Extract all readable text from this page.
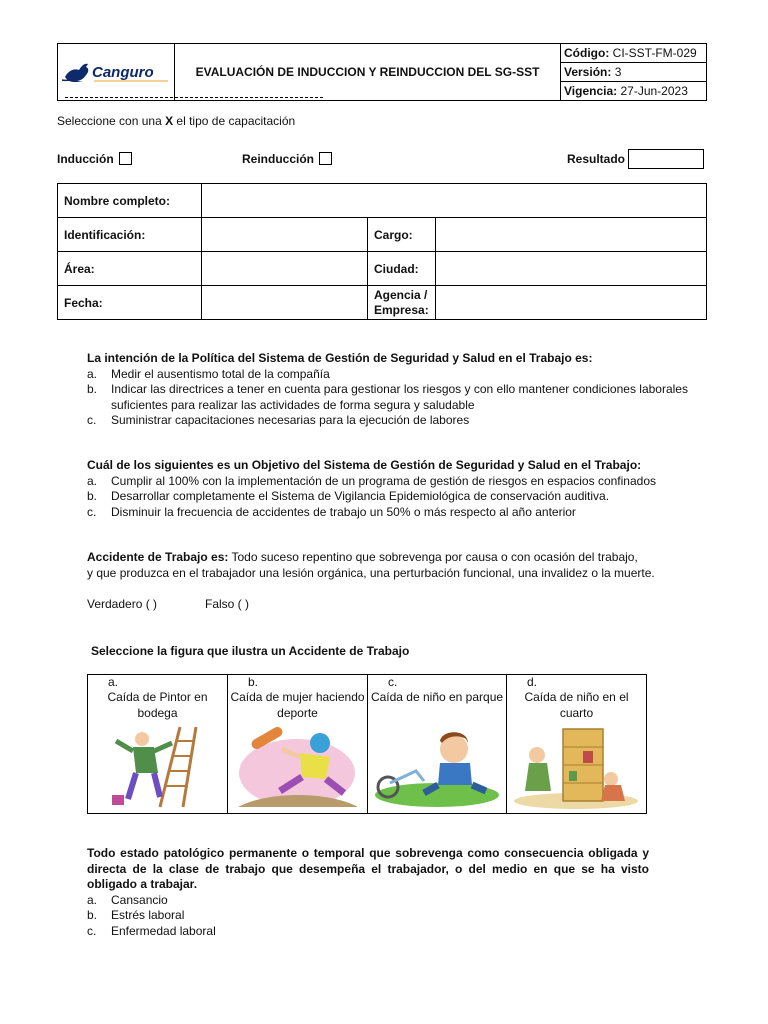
Canguro	EVALUACIÓN DE INDUCCION Y REINDUCCION DEL SG-SST	Código: CI-SST-FM-029
Versión: 3
Vigencia: 27-Jun-2023
Seleccione con una X el tipo de capacitación
Inducción	Reinducción	Resultado
Nombre completo:			
Identificación:		Cargo:	
Área:		Ciudad:	
Fecha:		Agencia / Empresa:	
La intención de la Política del Sistema de Gestión de Seguridad y Salud en el Trabajo es:
a.	Medir el ausentismo total de la compañía
b.	Indicar las directrices a tener en cuenta para gestionar los riesgos y con ello mantener condiciones laborales suficientes para realizar las actividades de forma segura y saludable
c.	Suministrar capacitaciones necesarias para la ejecución de labores
Cuál de los siguientes es un Objetivo del Sistema de Gestión de Seguridad y Salud en el Trabajo:
a.	Cumplir al 100% con la implementación de un programa de gestión de riesgos en espacios confinados
b.	Desarrollar completamente el Sistema de Vigilancia Epidemiológica de conservación auditiva.
c.	Disminuir la frecuencia de accidentes de trabajo un 50% o más respecto al año anterior
Accidente de Trabajo es: Todo suceso repentino que sobrevenga por causa o con ocasión del trabajo,
y que produzca en el trabajador una lesión orgánica, una perturbación funcional, una invalidez o la muerte.
Verdadero ( )	Falso ( )
Seleccione la figura que ilustra un Accidente de Trabajo
a.
Caída de Pintor en bodega

b.
Caída de mujer haciendo deporte

c.
Caída de niño en parque

d.
Caída de niño en el cuarto
Todo estado patológico permanente o temporal que sobrevenga como consecuencia obligada y directa de la clase de trabajo que desempeña el trabajador, o del medio en que se ha visto obligado a trabajar.
a.	Cansancio
b.	Estrés laboral
c.	Enfermedad laboral
